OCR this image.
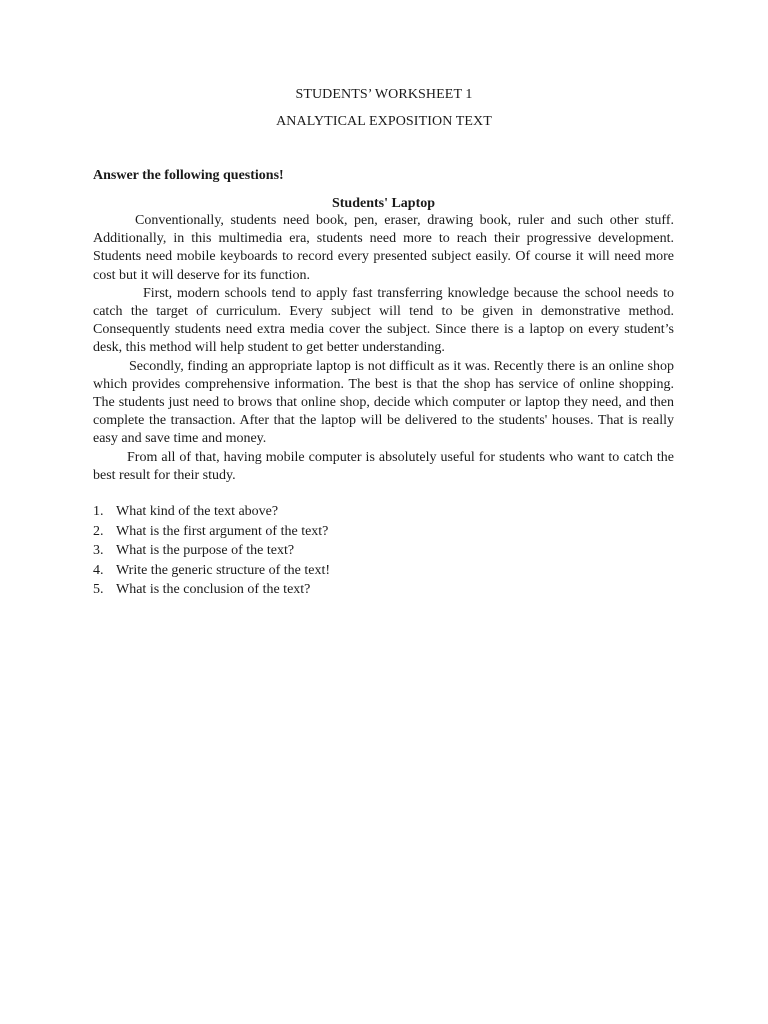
STUDENTS’ WORKSHEET 1
ANALYTICAL EXPOSITION TEXT
Answer the following questions!
Students' Laptop

Conventionally, students need book, pen, eraser, drawing book, ruler and such other stuff. Additionally, in this multimedia era, students need more to reach their progressive development. Students need mobile keyboards to record every presented subject easily. Of course it will need more cost but it will deserve for its function.

First, modern schools tend to apply fast transferring knowledge because the school needs to catch the target of curriculum. Every subject will tend to be given in demonstrative method. Consequently students need extra media cover the subject. Since there is a laptop on every student’s desk, this method will help student to get better understanding.

Secondly, finding an appropriate laptop is not difficult as it was. Recently there is an online shop which provides comprehensive information. The best is that the shop has service of online shopping. The students just need to brows that online shop, decide which computer or laptop they need, and then complete the transaction. After that the laptop will be delivered to the students' houses. That is really easy and save time and money.

From all of that, having mobile computer is absolutely useful for students who want to catch the best result for their study.

1. What kind of the text above?
2. What is the first argument of the text?
3. What is the purpose of the text?
4. Write the generic structure of the text!
5. What is the conclusion of the text?
